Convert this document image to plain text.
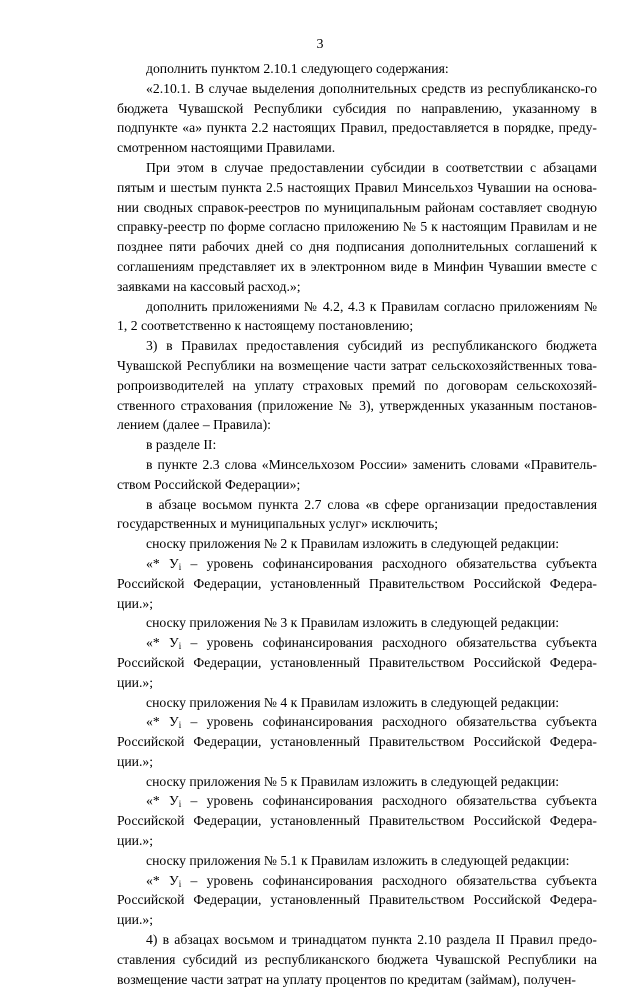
3

дополнить пунктом 2.10.1 следующего содержания:

«2.10.1. В случае выделения дополнительных средств из республиканско-го бюджета Чувашской Республики субсидия по направлению, указанному в подпункте «а» пункта 2.2 настоящих Правил, предоставляется в порядке, преду-смотренном настоящими Правилами.

При этом в случае предоставлении субсидии в соответствии с абзацами пятым и шестым пункта 2.5 настоящих Правил Минсельхоз Чувашии на основа-нии сводных справок-реестров по муниципальным районам составляет сводную справку-реестр по форме согласно приложению № 5 к настоящим Правилам и не позднее пяти рабочих дней со дня подписания дополнительных соглашений к соглашениям представляет их в электронном виде в Минфин Чувашии вместе с заявками на кассовый расход.»;

дополнить приложениями № 4.2, 4.3 к Правилам согласно приложениям № 1, 2 соответственно к настоящему постановлению;

3) в Правилах предоставления субсидий из республиканского бюджета Чувашской Республики на возмещение части затрат сельскохозяйственных това-ропроизводителей на уплату страховых премий по договорам сельскохозяй-ственного страхования (приложение № 3), утвержденных указанным постанов-лением (далее – Правила):

в разделе II:

в пункте 2.3 слова «Минсельхозом России» заменить словами «Правитель-ством Российской Федерации»;

в абзаце восьмом пункта 2.7 слова «в сфере организации предоставления государственных и муниципальных услуг» исключить;

сноску приложения № 2 к Правилам изложить в следующей редакции:

«* $У_i$ – уровень софинансирования расходного обязательства субъекта Российской Федерации, установленный Правительством Российской Федера-ции.»;

сноску приложения № 3 к Правилам изложить в следующей редакции:

«* $У_i$ – уровень софинансирования расходного обязательства субъекта Российской Федерации, установленный Правительством Российской Федера-ции.»;

сноску приложения № 4 к Правилам изложить в следующей редакции:

«* $У_i$ – уровень софинансирования расходного обязательства субъекта Российской Федерации, установленный Правительством Российской Федера-ции.»;

сноску приложения № 5 к Правилам изложить в следующей редакции:

«* $У_i$ – уровень софинансирования расходного обязательства субъекта Российской Федерации, установленный Правительством Российской Федера-ции.»;

сноску приложения № 5.1 к Правилам изложить в следующей редакции:

«* $У_i$ – уровень софинансирования расходного обязательства субъекта Российской Федерации, установленный Правительством Российской Федера-ции.»;

4) в абзацах восьмом и тринадцатом пункта 2.10 раздела II Правил предо-ставления субсидий из республиканского бюджета Чувашской Республики на возмещение части затрат на уплату процентов по кредитам (займам), получен-
